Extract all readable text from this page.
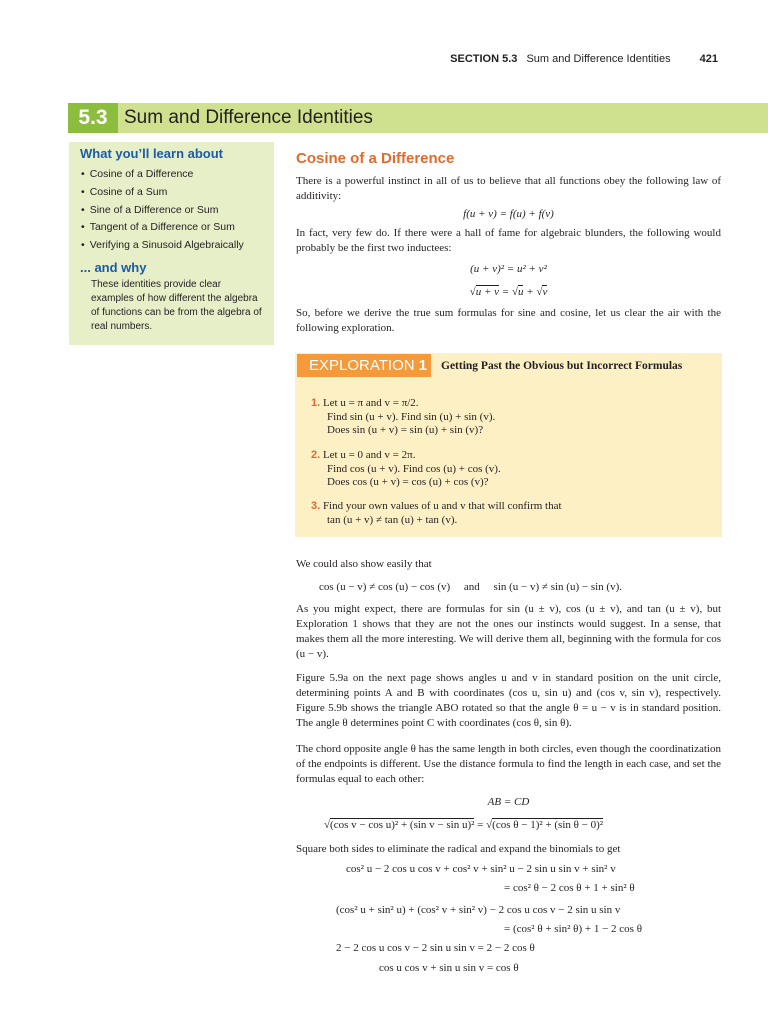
SECTION 5.3 Sum and Difference Identities	421
5.3 Sum and Difference Identities
What you’ll learn about
• Cosine of a Difference
• Cosine of a Sum
• Sine of a Difference or Sum
• Tangent of a Difference or Sum
• Verifying a Sinusoid Algebraically
... and why
These identities provide clear examples of how different the algebra of functions can be from the algebra of real numbers.
Cosine of a Difference
There is a powerful instinct in all of us to believe that all functions obey the following law of additivity:
f(u + v) = f(u) + f(v)
In fact, very few do. If there were a hall of fame for algebraic blunders, the following would probably be the first two inductees:
(u + v)² = u² + v²
√u + v = √u + √v
So, before we derive the true sum formulas for sine and cosine, let us clear the air with the following exploration.
EXPLORATION 1	Getting Past the Obvious but Incorrect Formulas
1. Let u = π and v = π/2.
Find sin (u + v). Find sin (u) + sin (v).
Does sin (u + v) = sin (u) + sin (v)?
2. Let u = 0 and v = 2π.
Find cos (u + v). Find cos (u) + cos (v).
Does cos (u + v) = cos (u) + cos (v)?
3. Find your own values of u and v that will confirm that
tan (u + v) ≠ tan (u) + tan (v).
We could also show easily that
cos (u − v) ≠ cos (u) − cos (v)     and     sin (u − v) ≠ sin (u) − sin (v).
As you might expect, there are formulas for sin (u ± v), cos (u ± v), and tan (u ± v), but Exploration 1 shows that they are not the ones our instincts would suggest. In a sense, that makes them all the more interesting. We will derive them all, beginning with the formula for cos (u − v).
Figure 5.9a on the next page shows angles u and v in standard position on the unit circle, determining points A and B with coordinates (cos u, sin u) and (cos v, sin v), respectively. Figure 5.9b shows the triangle ABO rotated so that the angle θ = u − v is in standard position. The angle θ determines point C with coordinates (cos θ, sin θ).
The chord opposite angle θ has the same length in both circles, even though the coordinatization of the endpoints is different. Use the distance formula to find the length in each case, and set the formulas equal to each other:
AB = CD
√(cos v − cos u)² + (sin v − sin u)² = √(cos θ − 1)² + (sin θ − 0)²
Square both sides to eliminate the radical and expand the binomials to get
cos² u − 2 cos u cos v + cos² v + sin² u − 2 sin u sin v + sin² v
= cos² θ − 2 cos θ + 1 + sin² θ
(cos² u + sin² u) + (cos² v + sin² v) − 2 cos u cos v − 2 sin u sin v
= (cos² θ + sin² θ) + 1 − 2 cos θ
2 − 2 cos u cos v − 2 sin u sin v = 2 − 2 cos θ
cos u cos v + sin u sin v = cos θ
